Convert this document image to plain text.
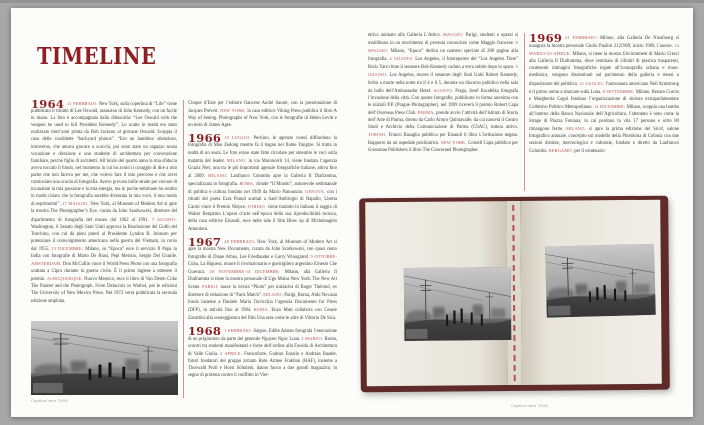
TIMELINE
1964 21 FEBBRAIO: New York, sulla copertina di “Life” viene pubblicato il ritratto di Lee Oswald, assassino di John Kennedy, con un fucile in mano. La foto è accompagnata dalla didascalia: “Lee Oswald with the weapon he used to kill President Kennedy”. Lo scatto in realtà era stato realizzato trent’anni prima da Bob Jackson al giovane Oswald. Scoppia il caso delle cosiddette “backyard photos”. “Ero un bambino silenzioso, introverso, che amava giocare a scacchi, poi sono stato un ragazzo senza vocazione e direzione e uno studente di architettura per convenzione familiare, perché figlio di architetti. All’inizio del quarto anno la mia sfiducia aveva toccato il fondo, nel momento in cui ho avuto il coraggio di dire a mio padre che non faceva per me, che volevo fare il mio percorso e che avrei cominciato una scuola di fotografia. Avevo provato mille strade per cercare di incanalare la mia passione e la mia energia, ma in poche settimane ho sentito in modo chiaro che la fotografia sarebbe diventata la mia voce, il mio modo di esprimermi”. 27 MAGGIO: New York, al Museum of Modern Art si apre la mostra The Photographer’s Eye, curata da John Szarkowski, direttore del dipartimento di fotografia del museo dal 1962 al 1991. 7 AGOSTO: Washington, il Senato degli Stati Uniti approva la Risoluzione del Golfo del Tonchino, con cui dà pieni poteri al Presidente Lyndon B. Johnson per potenziare il coinvolgimento americano nella guerra del Vietnam, in corso dal 1955. 13 DICEMBRE: Milano, su “Epoca” esce il servizio Il Papa in India con fotografie di Mario De Biasi, Pepi Merisio, Sergio Del Grande. AMSTERDAM, Don McCullin vince il World Press Photo con una fotografia scattata a Cipro durante la guerra civile. È il primo inglese a ottenere il premio. ALBUQUERQUE, Nuovo Messico, esce il libro di Van Deren Coke The Painter and the Photograph. From Delacroix to Warhol, per le edizioni The University of New Mexico Press. Nel 1972 verrà pubblicata la seconda edizione ampliata.
Caption here TK06
Cinque d’Este per l’editore francese André Sauret, con la presentazione di Jacques Prévert. NEW YORK, la casa editrice Viking Press pubblica il libro A Way of Seeing. Photographs of New York, con le fotografie di Helen Levitt e un testo di James Agee.
1966 10 LUGLIO: Pechino, le agenzie cinesi diffondono la fotografia di Mao Zedong mentre fa il bagno nel fiume Yangtze. Si tratta in realtà di un sosia. Le foto erano state fatte circolare per smentire le voci sulla malattia del leader. MILANO, in via Maroncelli 14, viene fondata l’agenzia Grazia Neri, una tra le più importanti agenzie fotografiche italiane, attiva fino al 2009. MILANO, Lanfranco Colombo apre la Galleria Il Diaframma, specializzata in fotografia. ROMA, chiude “Il Mondo”, autorevole settimanale di politica e cultura fondato nel 1949 da Mario Pannunzio. GENOVA, con i ritratti del poeta Ezra Pound scattati a Sant’Ambrogio di Rapallo, Lisetta Carmi vince il Premio Niépce. TORINO, viene tradotto in italiano il saggio di Walter Benjamin L’opera d’arte nell’epoca della sua riproducibilità tecnica, della casa editrice Einaudi, esce nelle sale il film Blow up di Michelangelo Antonioni.
1967 28 FEBBRAIO: New York, al Museum of Modern Art si apre la mostra New Documents, curata da John Szarkowski, con quasi cento fotografie di Diane Arbus, Lee Friedlander e Garry Winogrand. 9 OTTOBRE: Cuba, La Higuera, muore il rivoluzionario e guerrigliero argentino Ernesto Che Guevara. 28 NOVEMBRE-14 DICEMBRE: Milano, alla Galleria Il Diaframma si tiene la mostra personale di Ugo Mulas New York: The New Art Scene. PARIGI, nasce la rivista “Photo” per iniziativa di Roger Thérond, ex direttore di redazione di “Paris Match”. MILANO, Parigi, Roma, Aldo Novasia fonda insieme a Daniele Maria Turricchia l’agenzia Documento for Press (DFP), in attività fino al 1984. ROMA, Enzo Muti collabora con Cesare Zavattini alla sceneggiatura del film Una sera come le altre di Vittorio De Sica.
1968 1 FEBBRAIO: Saigon, Eddie Adams fotografa l’esecuzione di un prigioniero da parte del generale Nguyen Ngoc Loan. 1 MARZO: Roma, scontri tra studenti manifestanti e forze dell’ordine alla Facoltà di Architettura di Valle Giulia. 2 APRILE: Francoforte, Gudrun Ensslin e Andreas Baader, futuri fondatori del gruppo armato Rote Armee Fraktion (RAF), insieme a Thorwald Proll e Horst Söhnlein, danno fuoco a due grandi magazzini, in segno di protesta contro il conflitto in Viet-
ettivo animato alla Galleria L’Attico. MAGGIO: Parigi, studenti e operai si mobilitano in un movimento di protesta conosciuto come Maggio francese. 8 MAGGIO: Milano, “Epoca” dedica un numero speciale di 200 pagine alla fotografia. 4 GIUGNO: Los Angeles, il fotoreporter del “Los Angeles Time” Boris Yaro ritrae il senatore Bob Kennedy caduto a terra subito dopo lo sparo. 5 GIUGNO: Los Angeles, muore il senatore degli Stati Uniti Robert Kennedy, ferito a morte nella notte tra il 4 e il 5, durante un discorso pubblico nella sala da ballo dell’Ambassador Hotel. AGOSTO: Praga, Josef Koudelka fotografa l’invasione della città. Con queste fotografie, pubblicate in forma anonima con le iniziali P.P. (Prague Photographer), nel 1969 riceverà il premio Robert Capa dell’Overseas Press Club. PARMA, prende avvio l’attività dell’Istituto di Storia dell’Arte di Parma, diretto da Carlo Arturo Quintavalle, da cui nascerà il Centro Studi e Archivio della Comunicazione di Parma (CSAC), tuttora attivo. TORINO, Franco Basaglia pubblica per Einaudi il libro L’istituzione negata. Rapporto da un ospedale psichiatrico. NEW YORK, Cornell Capa pubblica per Grossman Publishers il libro The Concerned Photographer.
1969 21 FEBBRAIO: Milano, alla Galleria De Nieubourg si inaugura la mostra personale Giulio Paolini 2121969, inizio 1969, l’autore. 14 MARZO-20 APRILE: Milano, si tiene la mostra Environment di Mario Cresci alla Galleria Il Diaframma, dove centinaia di cilindri di plastica trasparenti, contenenti immagini fotografiche legate all’iconografia urbana e mass-mediatica, vengono disseminati sul pavimento della galleria e messi a disposizione del pubblico. 21 LUGLIO: l’astronauta americano Neil Armstrong è il primo uomo a sbarcare sulla Luna. 8 SETTEMBRE: Milano, Renato Curcio e Margherita Cagol fondano l’organizzazione di sinistra extraparlamentare Collettivo Politico Metropolitano. 12 DICEMBRE: Milano, scoppia una bomba all’interno della Banca Nazionale dell’Agricoltura, l’attentato è noto come la Strage di Piazza Fontana, in cui perdono la vita 17 persone e oltre 80 rimangono ferite. MILANO, si apre la prima edizione del Sicof, salone fotografico annuale, concepito sul modello della Photokina di Colonia con due sezioni distinte, merceologica e culturale, fondato e diretto da Lanfranco Colombo. BERGAMO, per il centenario
Caption here TK06
